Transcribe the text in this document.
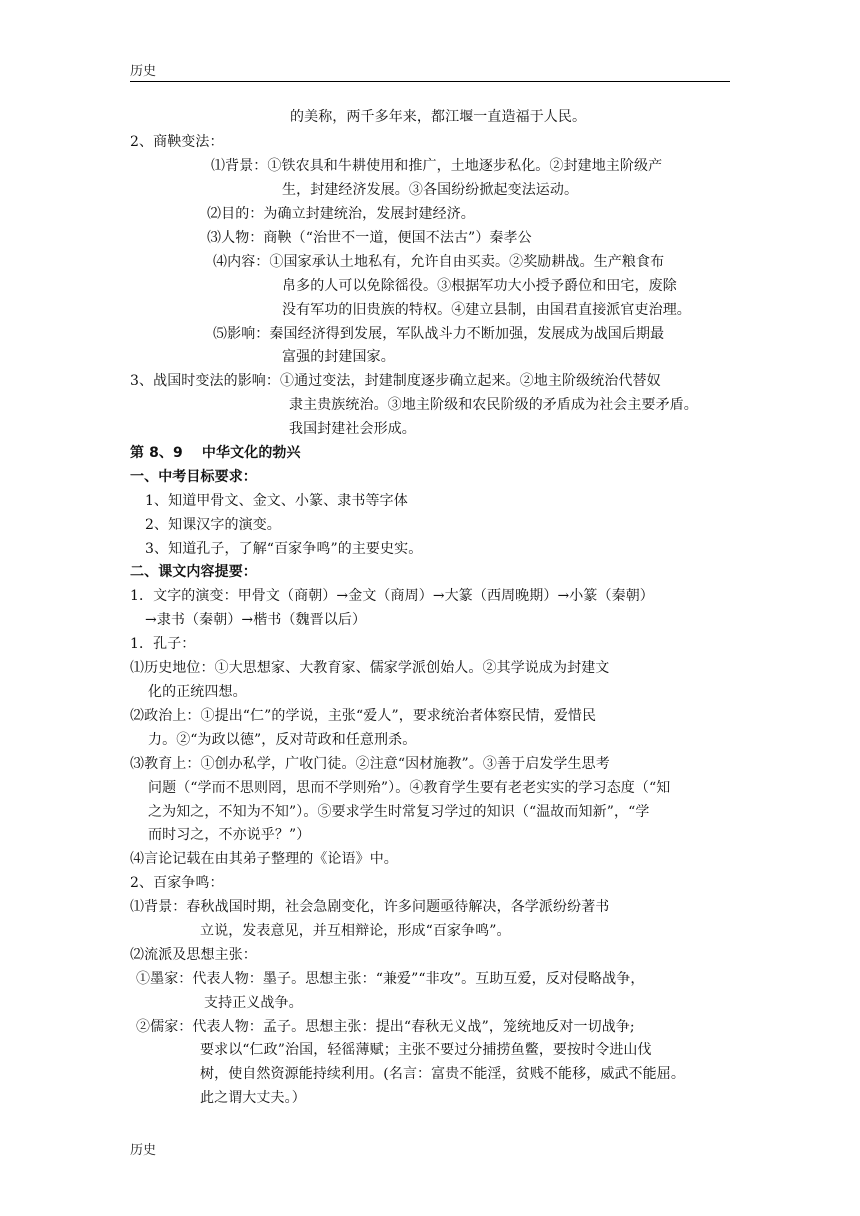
历史
的美称，两千多年来，都江堰一直造福于人民。
2、商鞅变法：
⑴背景：①铁农具和牛耕使用和推广，土地逐步私化。②封建地主阶级产
生，封建经济发展。③各国纷纷掀起变法运动。
⑵目的：为确立封建统治，发展封建经济。
⑶人物：商鞅（“治世不一道，便国不法古”）秦孝公
⑷内容：①国家承认土地私有，允许自由买卖。②奖励耕战。生产粮食布
帛多的人可以免除徭役。③根据军功大小授予爵位和田宅，废除
没有军功的旧贵族的特权。④建立县制，由国君直接派官吏治理。
⑸影响：秦国经济得到发展，军队战斗力不断加强，发展成为战国后期最
富强的封建国家。
3、战国时变法的影响：①通过变法，封建制度逐步确立起来。②地主阶级统治代替奴
隶主贵族统治。③地主阶级和农民阶级的矛盾成为社会主要矛盾。
我国封建社会形成。
第 8、9　 中华文化的勃兴
一、中考目标要求：
1、知道甲骨文、金文、小篆、隶书等字体
2、知课汉字的演变。
3、知道孔子，了解“百家争鸣”的主要史实。
二、课文内容提要：
1．文字的演变：甲骨文（商朝）→金文（商周）→大篆（西周晚期）→小篆（秦朝）
→隶书（秦朝）→楷书（魏晋以后）
1．孔子：
⑴历史地位：①大思想家、大教育家、儒家学派创始人。②其学说成为封建文
化的正统四想。
⑵政治上：①提出“仁”的学说，主张“爱人”，要求统治者体察民情，爱惜民
力。②“为政以德”，反对苛政和任意刑杀。
⑶教育上：①创办私学，广收门徒。②注意“因材施教”。③善于启发学生思考
问题（“学而不思则罔，思而不学则殆”）。④教育学生要有老老实实的学习态度（“知
之为知之，不知为不知”）。⑤要求学生时常复习学过的知识（“温故而知新”，“学
而时习之，不亦说乎？”）
⑷言论记载在由其弟子整理的《论语》中。
2、百家争鸣：
⑴背景：春秋战国时期，社会急剧变化，许多问题亟待解决，各学派纷纷著书
立说，发表意见，并互相辩论，形成“百家争鸣”。
⑵流派及思想主张：
①墨家：代表人物：墨子。思想主张：“兼爱”“非攻”。互助互爱，反对侵略战争，
支持正义战争。
②儒家：代表人物：孟子。思想主张：提出“春秋无义战”，笼统地反对一切战争;
要求以“仁政”治国，轻徭薄赋；主张不要过分捕捞鱼鳖，要按时令进山伐
树，使自然资源能持续利用。(名言：富贵不能淫，贫贱不能移，威武不能屈。
此之谓大丈夫。）
历史
